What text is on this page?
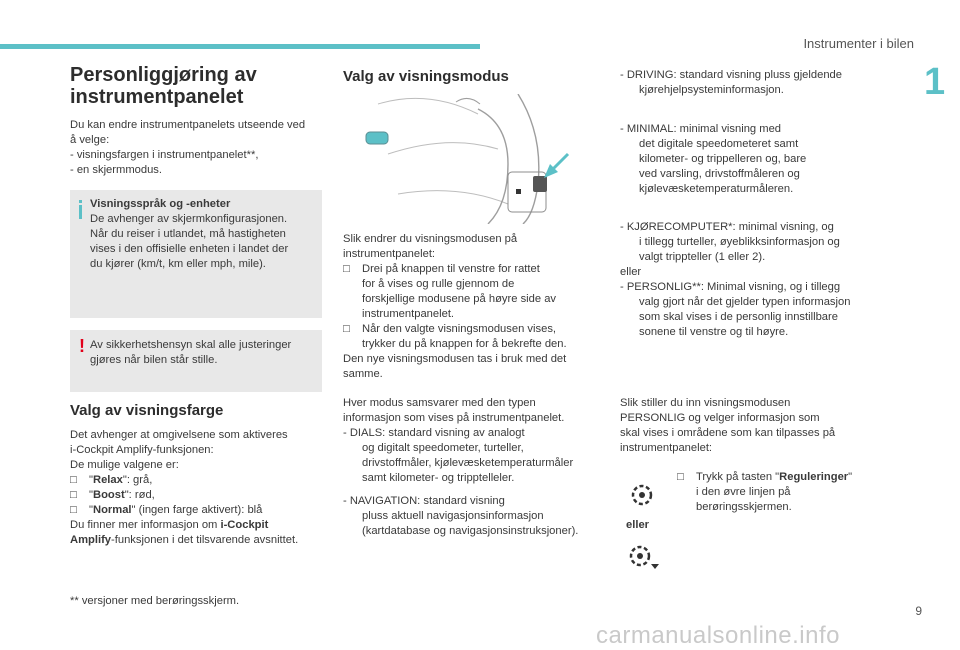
Instrumenter i bilen
1
Personliggjøring av
instrumentpanelet
Du kan endre instrumentpanelets utseende ved
å velge:
- visningsfargen i instrumentpanelet**,
- en skjermmodus.
Visningsspråk og -enheter
De avhenger av skjermkonfigurasjonen.
Når du reiser i utlandet, må hastigheten
vises i den offisielle enheten i landet der
du kjører (km/t, km eller mph, mile).
! Av sikkerhetshensyn skal alle justeringer
gjøres når bilen står stille.
Valg av visningsfarge
Det avhenger at omgivelsene som aktiveres
i-Cockpit Amplify-funksjonen:
De mulige valgene er:
□ "Relax": grå,
□ "Boost": rød,
□ "Normal" (ingen farge aktivert): blå
Du finner mer informasjon om i-Cockpit
Amplify-funksjonen i det tilsvarende avsnittet.
** versjoner med berøringsskjerm.
Valg av visningsmodus
Slik endrer du visningsmodusen på
instrumentpanelet:
□ Drei på knappen til venstre for rattet
for å vises og rulle gjennom de
forskjellige modusene på høyre side av
instrumentpanelet.
□ Når den valgte visningsmodusen vises,
trykker du på knappen for å bekrefte den.
Den nye visningsmodusen tas i bruk med det
samme.
Hver modus samsvarer med den typen
informasjon som vises på instrumentpanelet.
- DIALS: standard visning av analogt
og digitalt speedometer, turteller,
drivstoffmåler, kjølevæsketemperaturmåler
samt kilometer- og tripptelleler.
- NAVIGATION: standard visning
pluss aktuell navigasjonsinformasjon
(kartdatabase og navigasjonsinstruksjoner).
- DRIVING: standard visning pluss gjeldende
kjørehjelpsysteminformasjon.
- MINIMAL: minimal visning med
det digitale speedometeret samt
kilometer- og trippelleren og, bare
ved varsling, drivstoffmåleren og
kjølevæsketemperaturmåleren.
- KJØRECOMPUTER*: minimal visning, og
i tillegg turteller, øyeblikksinformasjon og
valgt trippteller (1 eller 2).
eller
- PERSONLIG**: Minimal visning, og i tillegg
valg gjort når det gjelder typen informasjon
som skal vises i de personlig innstillbare
sonene til venstre og til høyre.
Slik stiller du inn visningsmodusen
PERSONLIG og velger informasjon som
skal vises i områdene som kan tilpasses på
instrumentpanelet:
eller
□ Trykk på tasten "Reguleringer"
i den øvre linjen på
berøringsskjermen.
9
carmanualsonline.info
